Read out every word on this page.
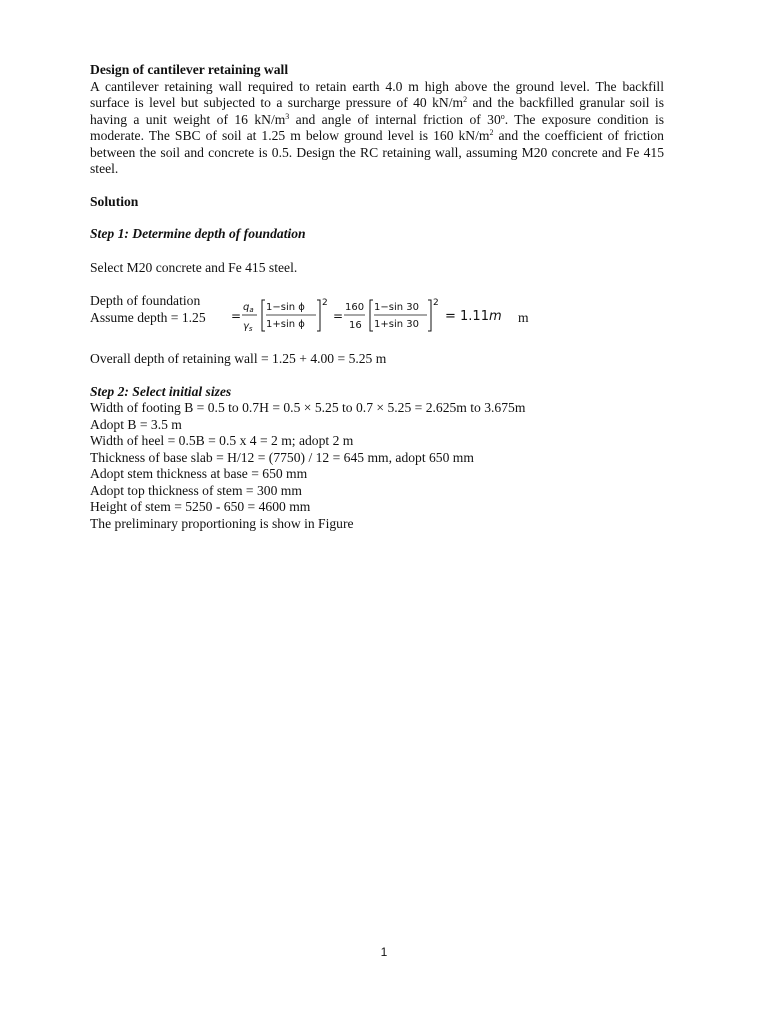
Design of cantilever retaining wall
A cantilever retaining wall required to retain earth 4.0 m high above the ground level. The backfill surface is level but subjected to a surcharge pressure of 40 $kN/m^2$ and the backfilled granular soil is having a unit weight of 16 $kN/m^3$ and angle of internal friction of 30$^o$. The exposure condition is moderate. The SBC of soil at 1.25 m below ground level is 160 $kN/m^2$ and the coefficient of friction between the soil and concrete is 0.5. Design the RC retaining wall, assuming M20 concrete and Fe 415 steel.
Solution
Step 1: Determine depth of foundation
Select M20 concrete and Fe 415 steel.
Depth of foundation
Assume depth = 1.25 =
$q_a$
$\gamma_s$
1−sin ϕ
1+sin ϕ
2
=
160
16
1−sin 30
1+sin 30
2
= 1.11m m
Overall depth of retaining wall = 1.25 + 4.00 = 5.25 m
Step 2: Select initial sizes
Width of footing B = 0.5 to 0.7H = 0.5 × 5.25 to 0.7 × 5.25 = 2.625m to 3.675m
Adopt B = 3.5 m
Width of heel = 0.5B = 0.5 x 4 = 2 m; adopt 2 m
Thickness of base slab = H/12 = (7750) / 12 = 645 mm, adopt 650 mm
Adopt stem thickness at base = 650 mm
Adopt top thickness of stem = 300 mm
Height of stem = 5250 - 650 = 4600 mm
The preliminary proportioning is show in Figure
1
